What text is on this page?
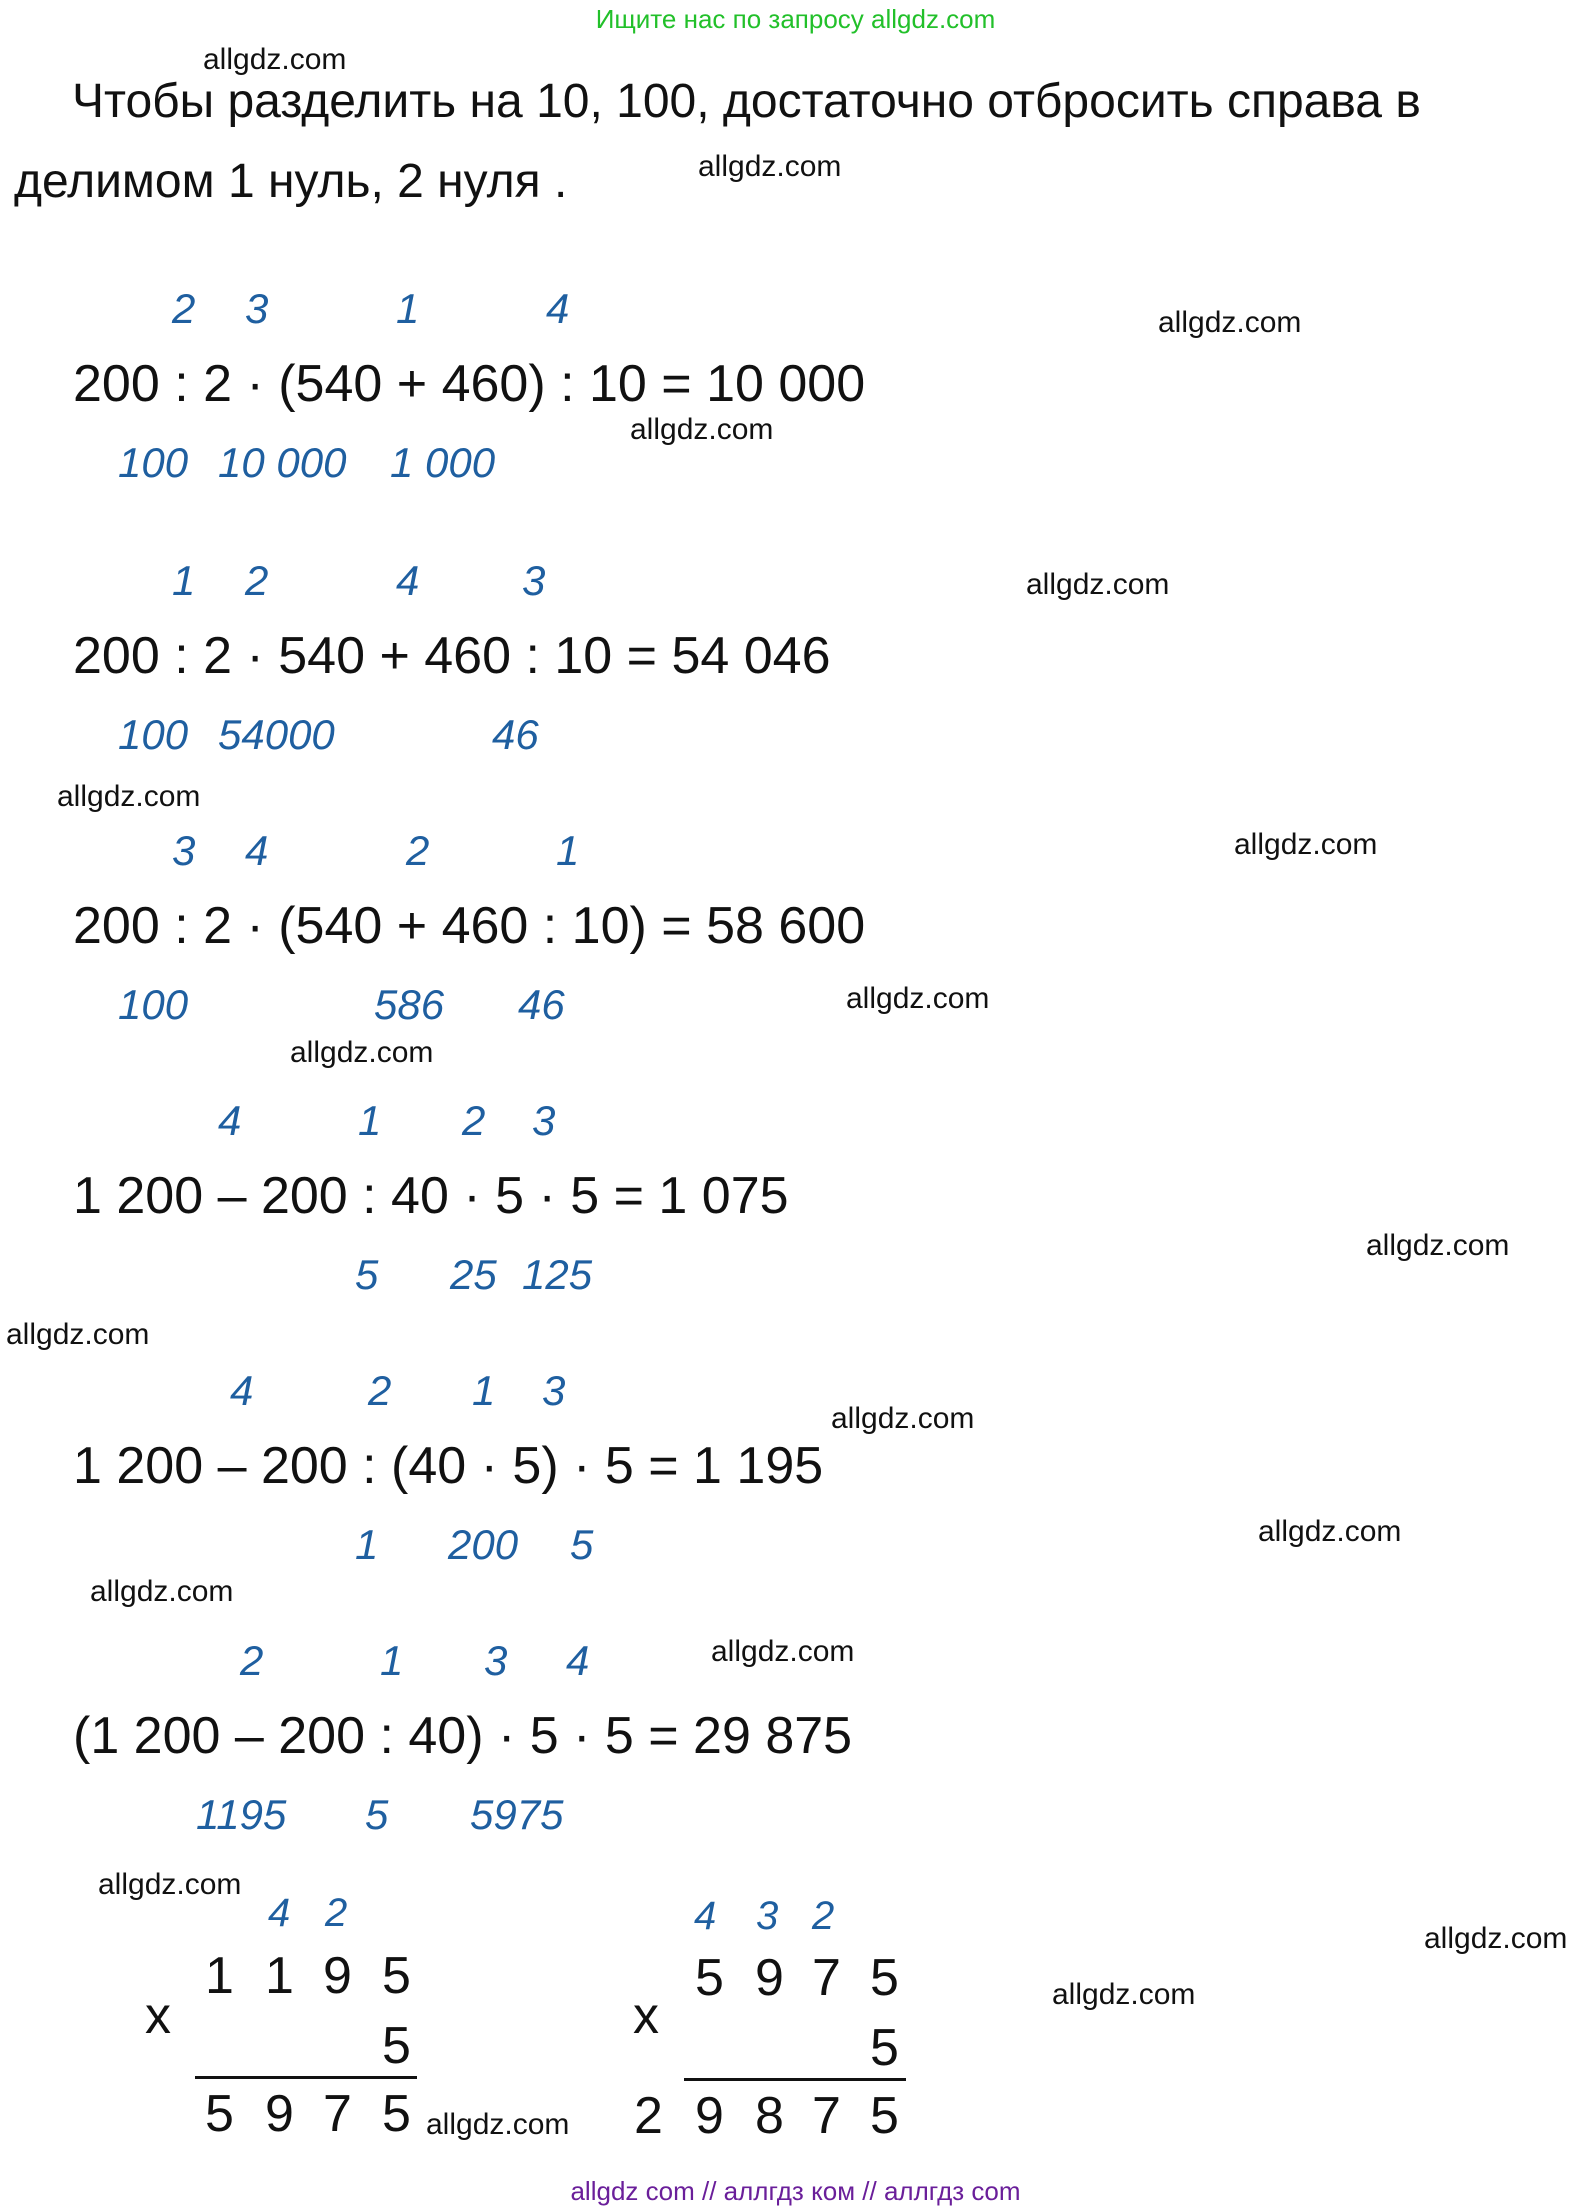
Ищите нас по запросу allgdz.com
Чтобы разделить на 10, 100, достаточно отбросить справа в
делимом 1 нуль, 2 нуля .
2 3	1	4
200 : 2 · (540 + 460) : 10 = 10 000
100 10 000 1 000
1 2	4 3
200 : 2 · 540 + 460 : 10 = 54 046
100 54000	46
3 4	2	1
200 : 2 · (540 + 460 : 10) = 58 600
100	586 46
4	1 2 3
1 200 – 200 : 40 · 5 · 5 = 1 075
5 25 125
4	2 1 3
1 200 – 200 : (40 · 5) · 5 = 1 195
1 200 5
2	1 3 4
(1 200 – 200 : 40) · 5 · 5 = 29 875
1195 5 5975
4 2
x
1 1 9 5
5
5 9 7 5
4 3 2
x
5 9 7 5
5
2 9 8 7 5
allgdz.com
allgdz.com
allgdz.com
allgdz.com
allgdz.com
allgdz.com
allgdz.com
allgdz.com
allgdz.com
allgdz.com
allgdz.com
allgdz.com
allgdz.com
allgdz.com
allgdz.com
allgdz.com
allgdz.com
allgdz.com
allgdz.com
allgdz com // аллгдз ком // аллгдз com
